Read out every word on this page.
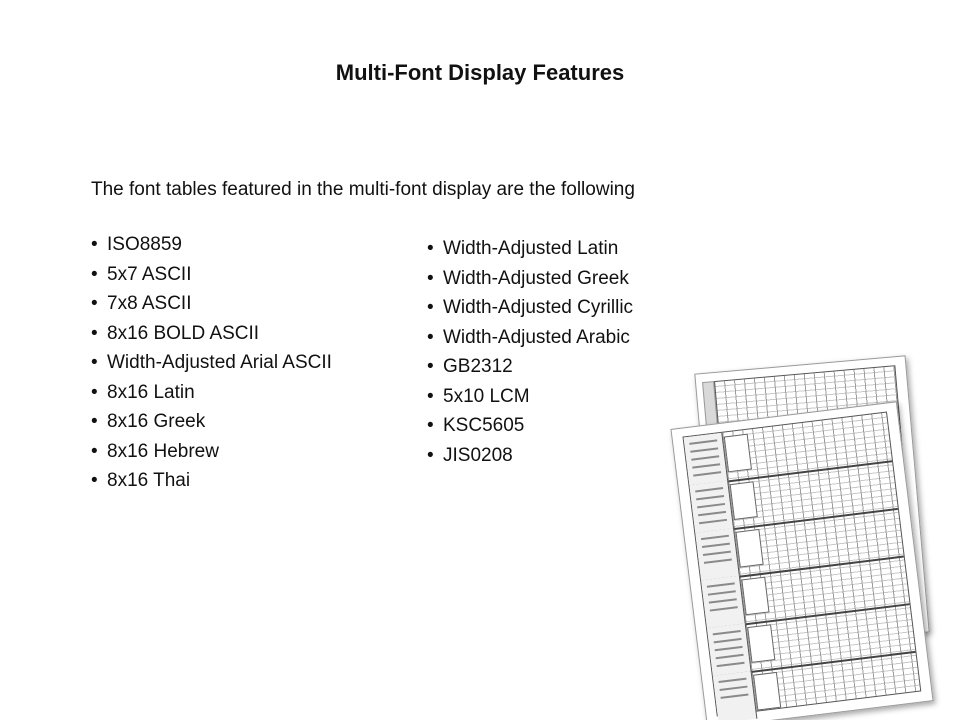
Multi-Font Display Features
The font tables featured in the multi-font display are the following
• ISO8859
• 5x7 ASCII
• 7x8 ASCII
• 8x16 BOLD ASCII
• Width-Adjusted Arial ASCII
• 8x16 Latin
• 8x16 Greek
• 8x16 Hebrew
• 8x16 Thai
• Width-Adjusted Latin
• Width-Adjusted Greek
• Width-Adjusted Cyrillic
• Width-Adjusted Arabic
• GB2312
• 5x10 LCM
• KSC5605
• JIS0208
